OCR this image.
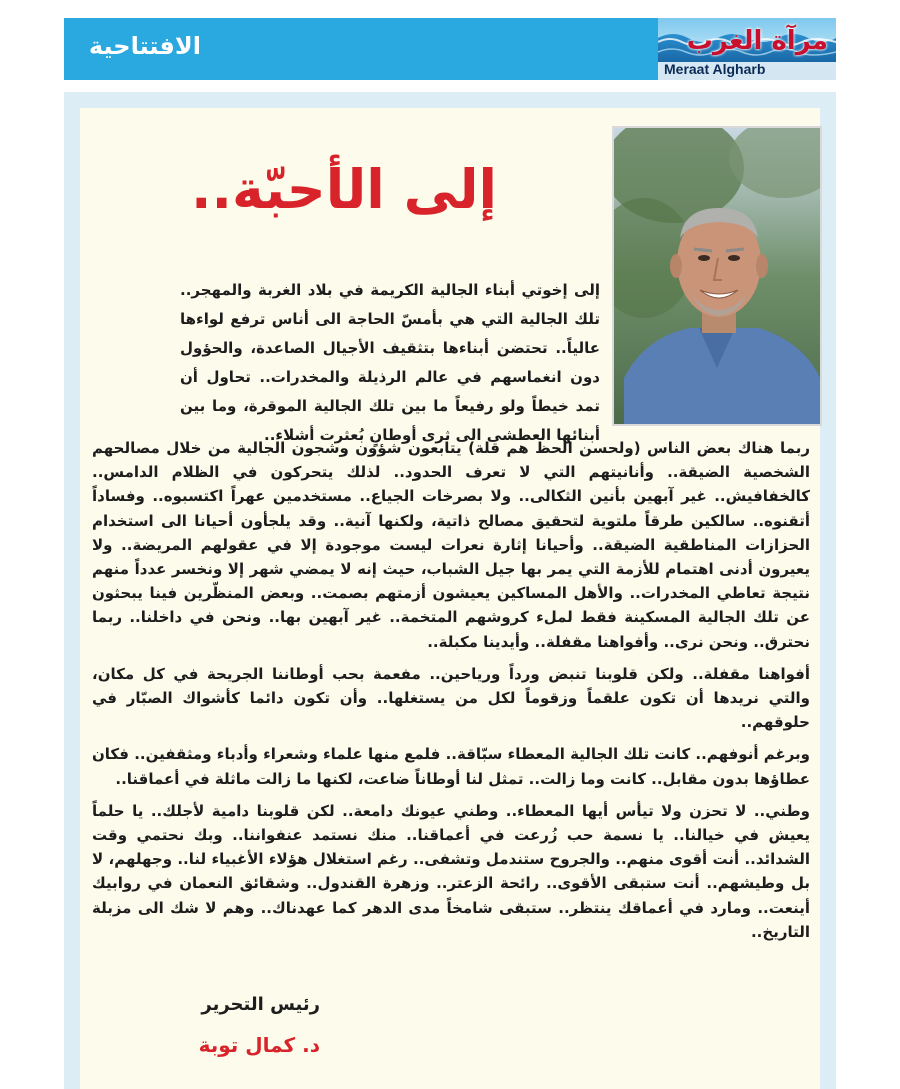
الافتتاحية	مرآة الغرب
Meraat Algharb
إلى الأحبّة..
إلى إخوتي أبناء الجالية الكريمة في بلاد الغربة والمهجر.. تلك الجالية التي هي بأمسّ الحاجة الى أناس ترفع لواءها عالياً.. تحتضن أبناءها بتثقيف الأجيال الصاعدة، والحؤول دون انغماسهم في عالم الرذيلة والمخدرات.. تحاول أن تمد خيطاً ولو رفيعاً ما بين تلك الجالية الموقرة، وما بين أبنائها العطشى الى ثرى أوطانٍ بُعثرت أشلاء..

ربما هناك بعض الناس (ولحسن الحظ هم قلة) يتابعون شؤون وشجون الجالية من خلال مصالحهم الشخصية الضيقة.. وأنانيتهم التي لا تعرف الحدود.. لذلك يتحركون في الظلام الدامس.. كالخفافيش.. غير آبهين بأنين الثكالى.. ولا بصرخات الجياع.. مستخدمين عهراً اكتسبوه.. وفساداً أتقنوه.. سالكين طرقاً ملتوية لتحقيق مصالح ذاتية، ولكنها آنية.. وقد يلجأون أحيانا الى استخدام الحزازات المناطقية الضيقة.. وأحيانا إثارة نعرات ليست موجودة إلا في عقولهم المريضة.. ولا يعيرون أدنى اهتمام للأزمة التي يمر بها جيل الشباب، حيث إنه لا يمضي شهر إلا ونخسر عدداً منهم نتيجة تعاطي المخدرات.. والأهل المساكين يعيشون أزمتهم بصمت.. وبعض المنظّرين فينا يبحثون عن تلك الجالية المسكينة فقط لملء كروشهم المتخمة.. غير آبهين بها.. ونحن في داخلنا.. ربما نحترق.. ونحن نرى.. وأفواهنا مقفلة.. وأيدينا مكبلة..

أفواهنا مقفلة.. ولكن قلوبنا تنبض ورداً ورياحين.. مفعمة بحب أوطاننا الجريحة في كل مكان، والتي نريدها أن تكون علقماً وزقوماً لكل من يستغلها.. وأن تكون دائما كأشواك الصبّار في حلوقهم..

وبرغم أنوفهم.. كانت تلك الجالية المعطاء سبّاقة.. فلمع منها علماء وشعراء وأدباء ومثقفين.. فكان عطاؤها بدون مقابل.. كانت وما زالت.. تمثل لنا أوطاناً ضاعت، لكنها ما زالت ماثلة في أعماقنا..

وطني.. لا تحزن ولا تيأس أيها المعطاء.. وطني عيونك دامعة.. لكن قلوبنا دامية لأجلك.. يا حلماً يعيش في خيالنا.. يا نسمة حب زُرعت في أعماقنا.. منك نستمد عنفواننا.. وبك نحتمي وقت الشدائد.. أنت أقوى منهم.. والجروح ستندمل وتشفى.. رغم استغلال هؤلاء الأغبياء لنا.. وجهلهم، لا بل وطيشهم.. أنت ستبقى الأقوى.. رائحة الزعتر.. وزهرة القندول.. وشقائق النعمان في روابيك أينعت.. ومارد في أعماقك ينتظر.. ستبقى شامخاً مدى الدهر كما عهدناك.. وهم لا شك الى مزبلة التاريخ..

رئيس التحرير
د. كمال توبة
